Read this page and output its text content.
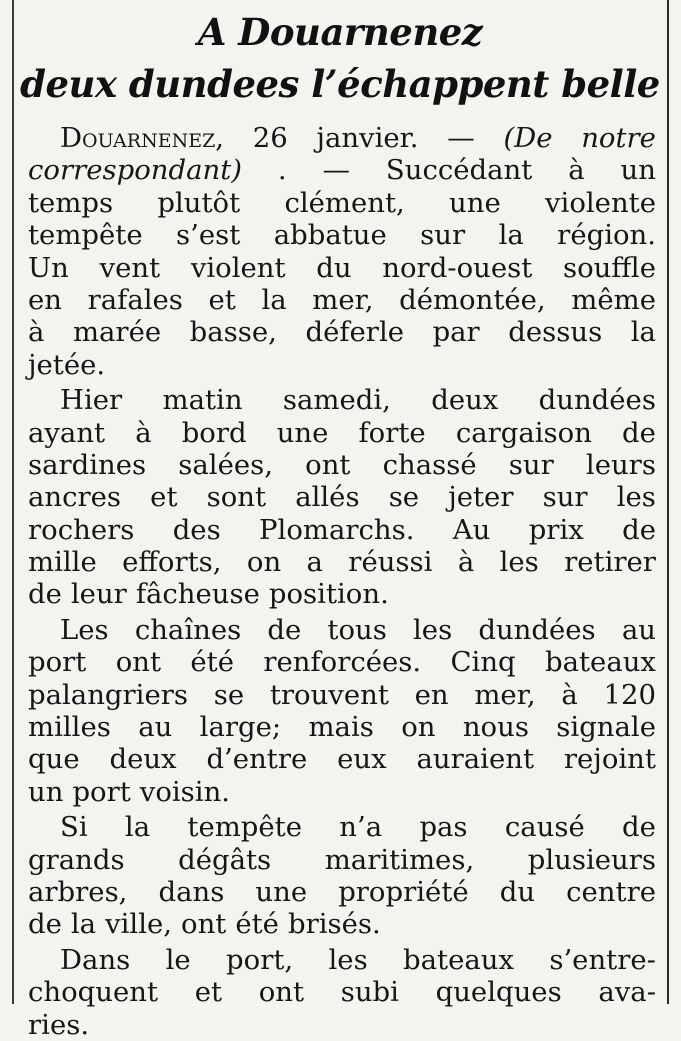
A Douarnenez
deux dundees l’échappent belle
Douarnenez, 26 janvier. — (De notre
correspondant) . — Succédant à un
temps plutôt clément, une violente
tempête s’est abbatue sur la région.
Un vent violent du nord-ouest souffle
en rafales et la mer, démontée, même
à marée basse, déferle par dessus la
jetée.
Hier matin samedi, deux dundées
ayant à bord une forte cargaison de
sardines salées, ont chassé sur leurs
ancres et sont allés se jeter sur les
rochers des Plomarchs. Au prix de
mille efforts, on a réussi à les retirer
de leur fâcheuse position.
Les chaînes de tous les dundées au
port ont été renforcées. Cinq bateaux
palangriers se trouvent en mer, à 120
milles au large; mais on nous signale
que deux d’entre eux auraient rejoint
un port voisin.
Si la tempête n’a pas causé de
grands dégâts maritimes, plusieurs
arbres, dans une propriété du centre
de la ville, ont été brisés.
Dans le port, les bateaux s’entre-
choquent et ont subi quelques ava-
ries.
